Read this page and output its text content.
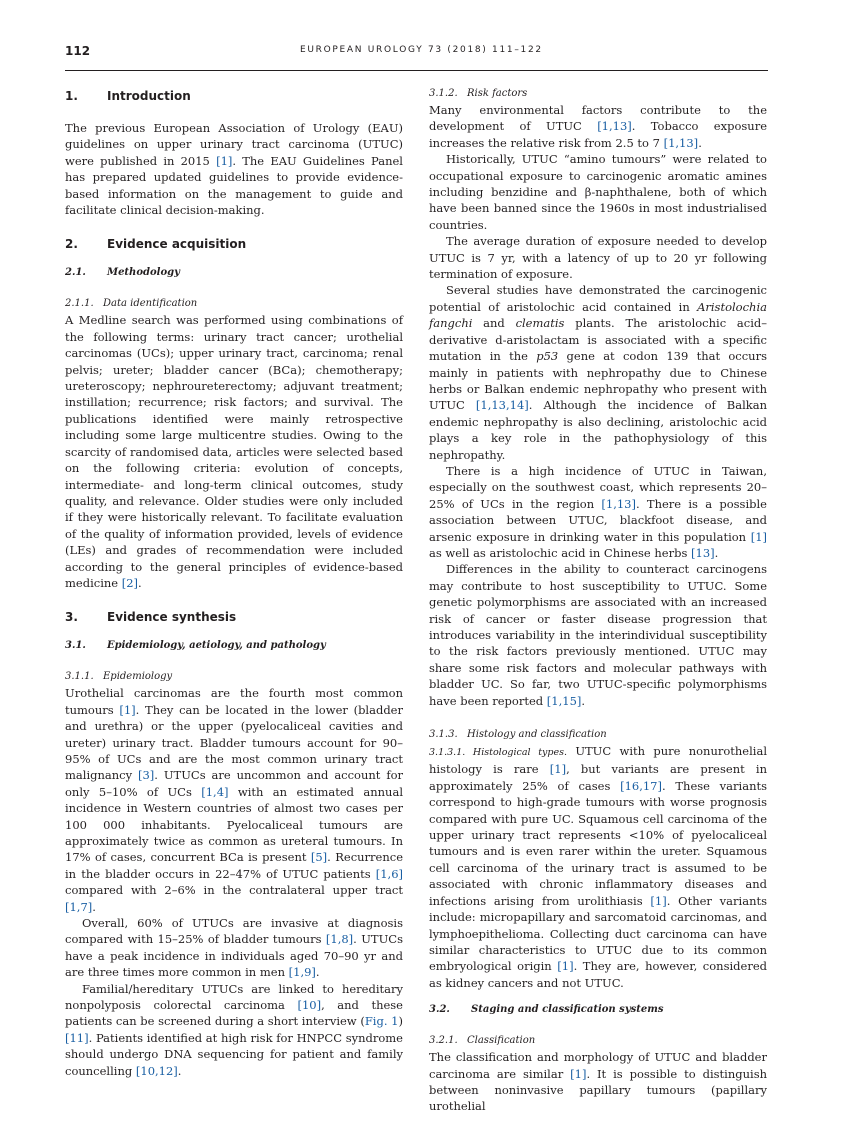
112	EUROPEAN UROLOGY 73 (2018) 111–122
1. Introduction

The previous European Association of Urology (EAU) guidelines on upper urinary tract carcinoma (UTUC) were published in 2015 [1]. The EAU Guidelines Panel has prepared updated guidelines to provide evidence-based information on the management to guide and facilitate clinical decision-making.

2. Evidence acquisition
2.1. Methodology
2.1.1. Data identification

A Medline search was performed using combinations of the following terms: urinary tract cancer; urothelial carcinomas (UCs); upper urinary tract, carcinoma; renal pelvis; ureter; bladder cancer (BCa); chemotherapy; ureteroscopy; nephroureterectomy; adjuvant treatment; instillation; recurrence; risk factors; and survival. The publications identified were mainly retrospective including some large multicentre studies. Owing to the scarcity of randomised data, articles were selected based on the following criteria: evolution of concepts, intermediate- and long-term clinical outcomes, study quality, and relevance. Older studies were only included if they were historically relevant. To facilitate evaluation of the quality of information provided, levels of evidence (LEs) and grades of recommendation were included according to the general principles of evidence-based medicine [2].

3. Evidence synthesis
3.1. Epidemiology, aetiology, and pathology
3.1.1. Epidemiology

Urothelial carcinomas are the fourth most common tumours [1]. They can be located in the lower (bladder and urethra) or the upper (pyelocaliceal cavities and ureter) urinary tract. Bladder tumours account for 90–95% of UCs and are the most common urinary tract malignancy [3]. UTUCs are uncommon and account for only 5–10% of UCs [1,4] with an estimated annual incidence in Western countries of almost two cases per 100 000 inhabitants. Pyelocaliceal tumours are approximately twice as common as ureteral tumours. In 17% of cases, concurrent BCa is present [5]. Recurrence in the bladder occurs in 22–47% of UTUC patients [1,6] compared with 2–6% in the contralateral upper tract [1,7].

Overall, 60% of UTUCs are invasive at diagnosis compared with 15–25% of bladder tumours [1,8]. UTUCs have a peak incidence in individuals aged 70–90 yr and are three times more common in men [1,9].

Familial/hereditary UTUCs are linked to hereditary nonpolyposis colorectal carcinoma [10], and these patients can be screened during a short interview (Fig. 1) [11]. Patients identified at high risk for HNPCC syndrome should undergo DNA sequencing for patient and family councelling [10,12].

3.1.2. Risk factors

Many environmental factors contribute to the development of UTUC [1,13]. Tobacco exposure increases the relative risk from 2.5 to 7 [1,13].

Historically, UTUC “amino tumours” were related to occupational exposure to carcinogenic aromatic amines including benzidine and β-naphthalene, both of which have been banned since the 1960s in most industrialised countries.

The average duration of exposure needed to develop UTUC is 7 yr, with a latency of up to 20 yr following termination of exposure.

Several studies have demonstrated the carcinogenic potential of aristolochic acid contained in Aristolochia fangchi and clematis plants. The aristolochic acid–derivative d-aristolactam is associated with a specific mutation in the p53 gene at codon 139 that occurs mainly in patients with nephropathy due to Chinese herbs or Balkan endemic nephropathy who present with UTUC [1,13,14]. Although the incidence of Balkan endemic nephropathy is also declining, aristolochic acid plays a key role in the pathophysiology of this nephropathy.

There is a high incidence of UTUC in Taiwan, especially on the southwest coast, which represents 20–25% of UCs in the region [1,13]. There is a possible association between UTUC, blackfoot disease, and arsenic exposure in drinking water in this population [1] as well as aristolochic acid in Chinese herbs [13].

Differences in the ability to counteract carcinogens may contribute to host susceptibility to UTUC. Some genetic polymorphisms are associated with an increased risk of cancer or faster disease progression that introduces variability in the interindividual susceptibility to the risk factors previously mentioned. UTUC may share some risk factors and molecular pathways with bladder UC. So far, two UTUC-specific polymorphisms have been reported [1,15].

3.1.3. Histology and classification

3.1.3.1. Histological types. UTUC with pure nonurothelial histology is rare [1], but variants are present in approximately 25% of cases [16,17]. These variants correspond to high-grade tumours with worse prognosis compared with pure UC. Squamous cell carcinoma of the upper urinary tract represents <10% of pyelocaliceal tumours and is even rarer within the ureter. Squamous cell carcinoma of the urinary tract is assumed to be associated with chronic inflammatory diseases and infections arising from urolithiasis [1]. Other variants include: micropapillary and sarcomatoid carcinomas, and lymphoepithelioma. Collecting duct carcinoma can have similar characteristics to UTUC due to its common embryological origin [1]. They are, however, considered as kidney cancers and not UTUC.

3.2. Staging and classification systems
3.2.1. Classification

The classification and morphology of UTUC and bladder carcinoma are similar [1]. It is possible to distinguish between noninvasive papillary tumours (papillary urothelial
